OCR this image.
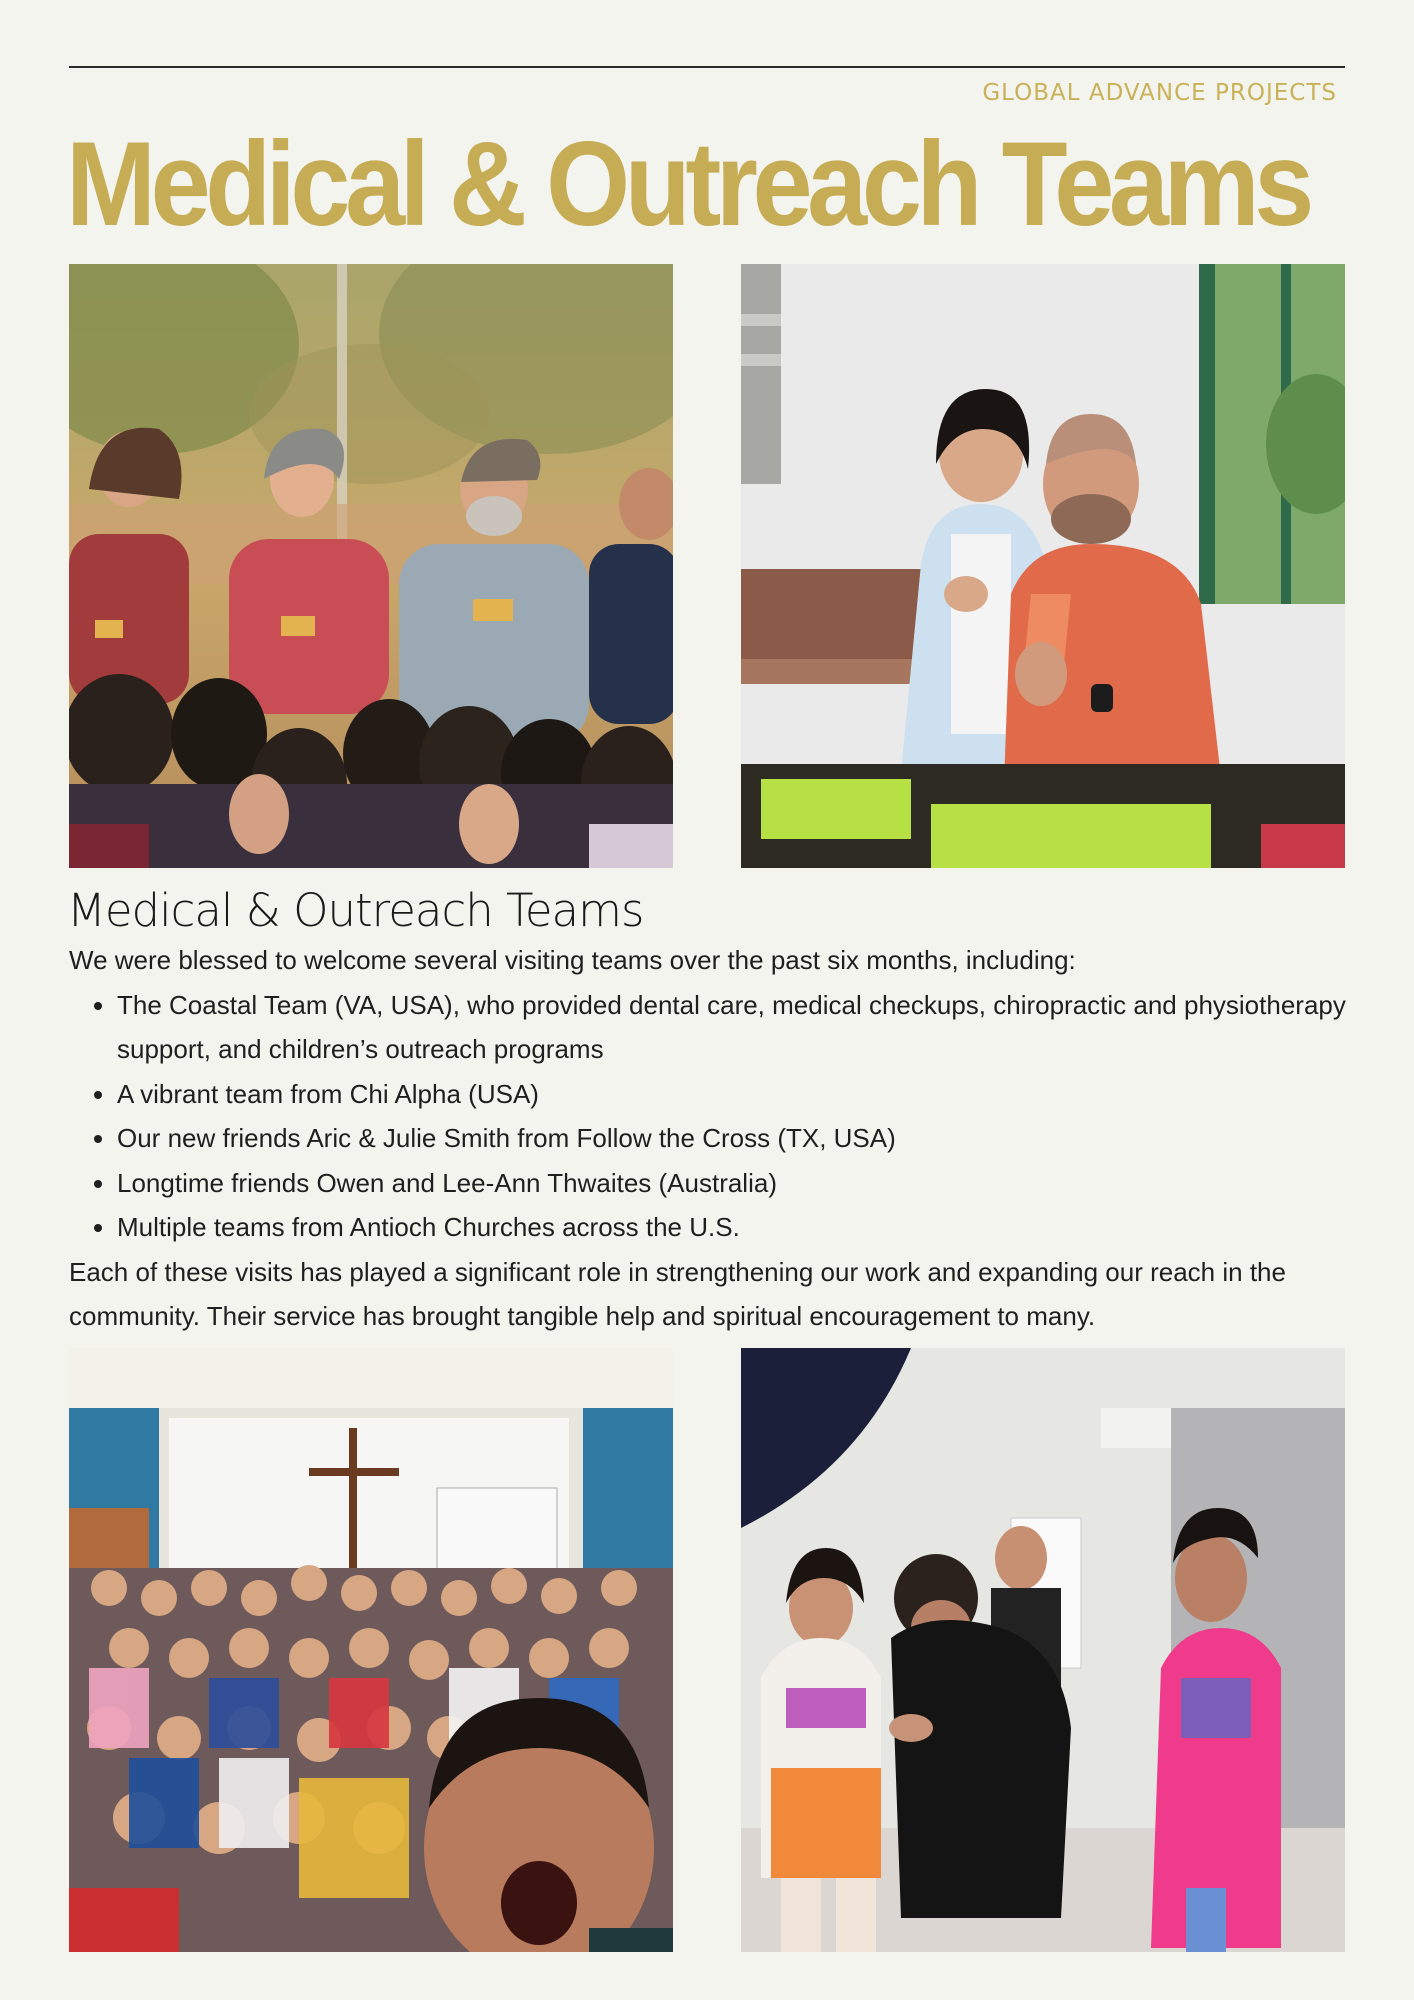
GLOBAL ADVANCE PROJECTS
Medical & Outreach Teams
Medical & Outreach Teams

We were blessed to welcome several visiting teams over the past six months, including:

• The Coastal Team (VA, USA), who provided dental care, medical checkups, chiropractic and physiotherapy support, and children’s outreach programs
• A vibrant team from Chi Alpha (USA)
• Our new friends Aric & Julie Smith from Follow the Cross (TX, USA)
• Longtime friends Owen and Lee-Ann Thwaites (Australia)
• Multiple teams from Antioch Churches across the U.S.

Each of these visits has played a significant role in strengthening our work and expanding our reach in the community. Their service has brought tangible help and spiritual encouragement to many.
